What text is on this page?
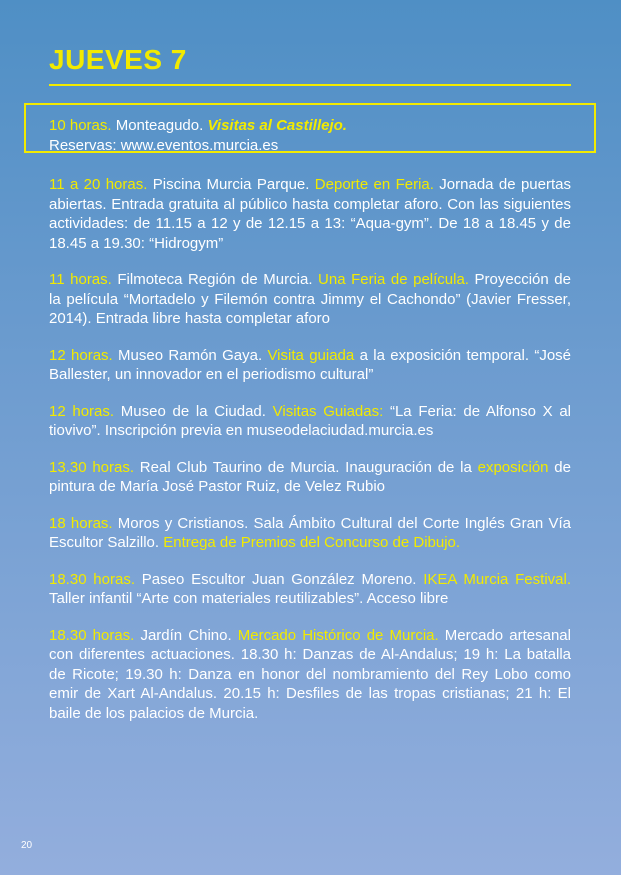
JUEVES 7

10 horas. Monteagudo. Visitas al Castillejo.
Reservas: www.eventos.murcia.es

11 a 20 horas. Piscina Murcia Parque. Deporte en Feria. Jornada de puertas abiertas. Entrada gratuita al público hasta completar aforo. Con las siguientes actividades: de 11.15 a 12 y de 12.15 a 13: “Aqua-gym”. De 18 a 18.45 y de 18.45 a 19.30: “Hidrogym”

11 horas. Filmoteca Región de Murcia. Una Feria de película. Proyección de la película “Mortadelo y Filemón contra Jimmy el Cachondo” (Javier Fresser, 2014). Entrada libre hasta completar aforo

12 horas. Museo Ramón Gaya. Visita guiada a la exposición temporal. “José Ballester, un innovador en el periodismo cultural”

12 horas. Museo de la Ciudad. Visitas Guiadas: “La Feria: de Alfonso X al tiovivo”. Inscripción previa en museodelaciudad.murcia.es

13.30 horas. Real Club Taurino de Murcia. Inauguración de la exposición de pintura de María José Pastor Ruiz, de Velez Rubio

18 horas. Moros y Cristianos. Sala Ámbito Cultural del Corte Inglés Gran Vía Escultor Salzillo. Entrega de Premios del Concurso de Dibujo.

18.30 horas. Paseo Escultor Juan González Moreno. IKEA Murcia Festival. Taller infantil “Arte con materiales reutilizables”. Acceso libre

18.30 horas. Jardín Chino. Mercado Histórico de Murcia. Mercado artesanal con diferentes actuaciones. 18.30 h: Danzas de Al-Andalus; 19 h: La batalla de Ricote; 19.30 h: Danza en honor del nombramiento del Rey Lobo como emir de Xart Al-Andalus. 20.15 h: Desfiles de las tropas cristianas; 21 h: El baile de los palacios de Murcia.

20
